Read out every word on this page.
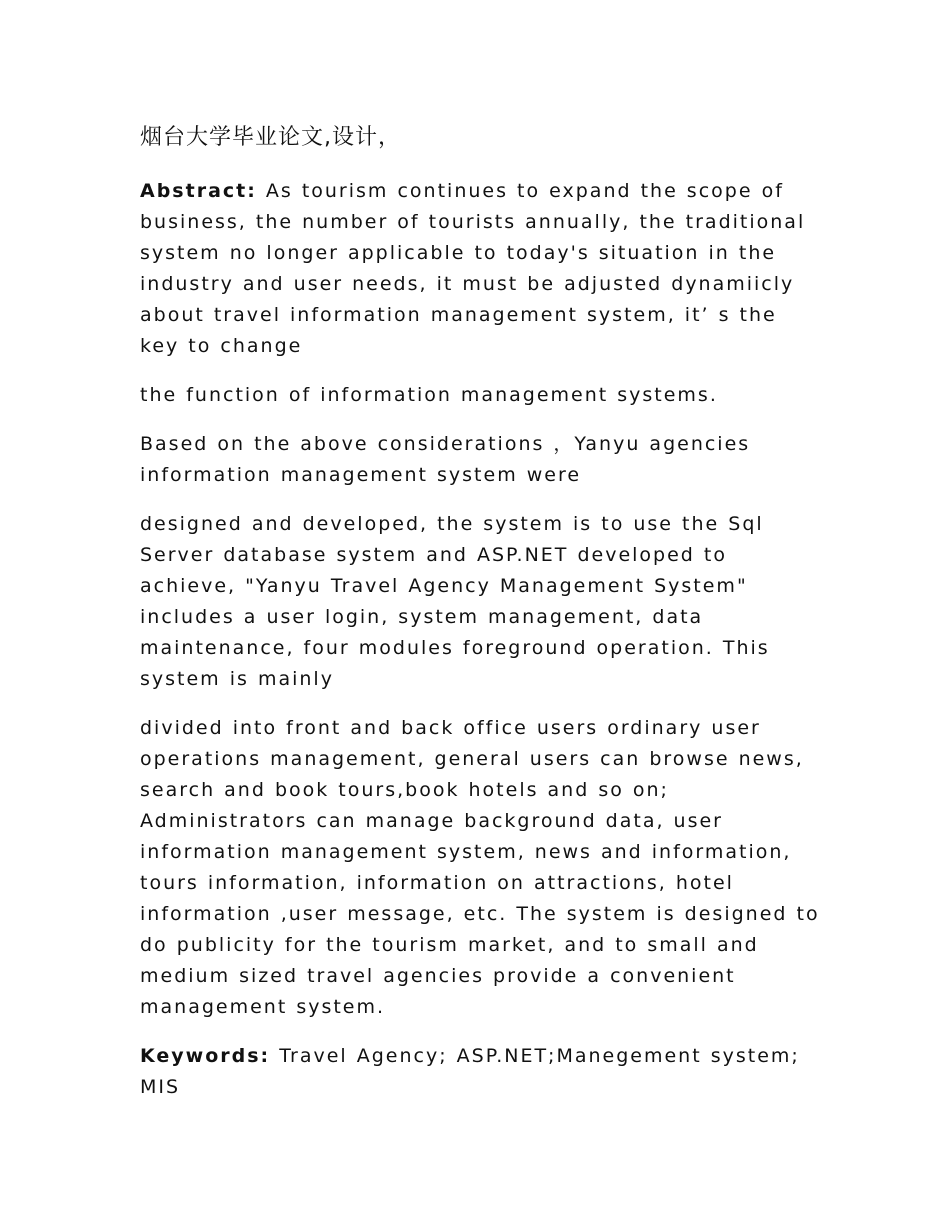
烟台大学毕业论文,设计，

Abstract: As tourism continues to expand the scope of business, the number of tourists annually, the traditional system no longer applicable to today's situation in the industry and user needs, it must be adjusted dynamiicly about travel information management system, it’ s the key to change

the function of information management systems.

Based on the above considerations ，Yanyu agencies information management system were

designed and developed, the system is to use the Sql Server database system and ASP.NET developed to achieve, "Yanyu Travel Agency Management System" includes a user login, system management, data maintenance, four modules foreground operation. This system is mainly

divided into front and back office users ordinary user operations management, general users can browse news, search and book tours,book hotels and so on; Administrators can manage background data, user information management system, news and information, tours information, information on attractions, hotel information ,user message, etc. The system is designed to do publicity for the tourism market, and to small and medium sized travel agencies provide a convenient management system.

Keywords: Travel Agency; ASP.NET;Manegement system; MIS
